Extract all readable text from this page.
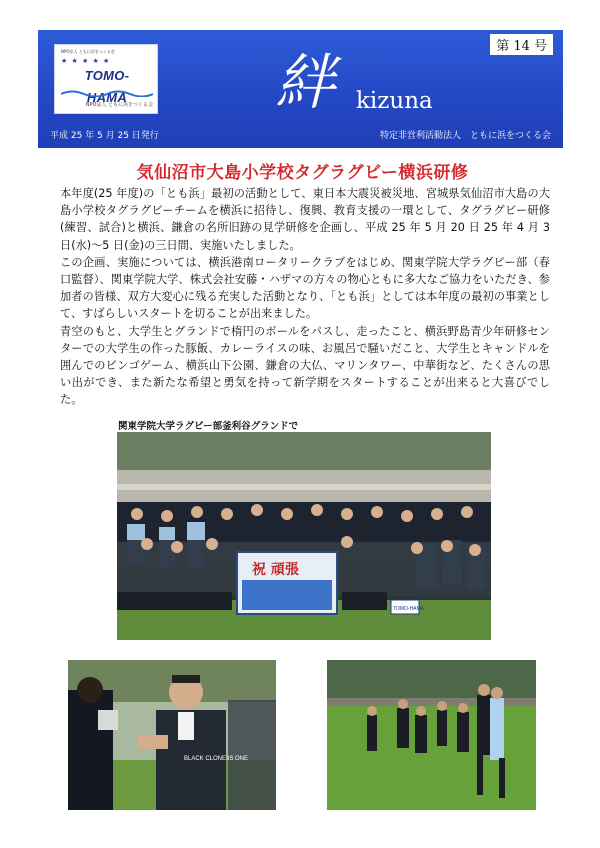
NPO法人 ともに浜をつくる会
★ ★ ★ ★ ★
TOMO-HAMA
NPO法人 ともに浜をつくる会 絆 kizuna
第 14 号
平成 25 年 5 月 25 日発行	特定非営利活動法人　ともに浜をつくる会
気仙沼市大島小学校タグラグビー横浜研修

本年度(25 年度)の「とも浜」最初の活動として、東日本大震災被災地、宮城県気仙沼市大島の大島小学校タグラグビーチームを横浜に招待し、復興、教育支援の一環として、タグラグビー研修(練習、試合)と横浜、鎌倉の名所旧跡の見学研修を企画し、平成 25 年 5 月 20 日 25 年 4 月 3 日(水)～5 日(金)の三日間、実施いたしました。

この企画、実施については、横浜港南ロータリークラブをはじめ、関東学院大学ラグビー部（春口監督）、関東学院大学、株式会社安藤・ハザマの方々の物心ともに多大なご協力をいただき、参加者の皆様、双方大変心に残る充実した活動となり、「とも浜」としては本年度の最初の事業として、すばらしいスタートを切ることが出来ました。

青空のもと、大学生とグランドで楕円のボールをパスし、走ったこと、横浜野島青少年研修センターでの大学生の作った豚飯、カレーライスの味、お風呂で騒いだこと、大学生とキャンドルを囲んでのビンゴゲーム、横浜山下公園、鎌倉の大仏、マリンタワー、中華街など、たくさんの思い出ができ、また新たな希望と勇気を持って新学期をスタートすることが出来ると大喜びでした。

関東学院大学ラグビー部釜利谷グランドで
祝 頑張
TOMO-HAMA
BLACK CLONE IS ONE
